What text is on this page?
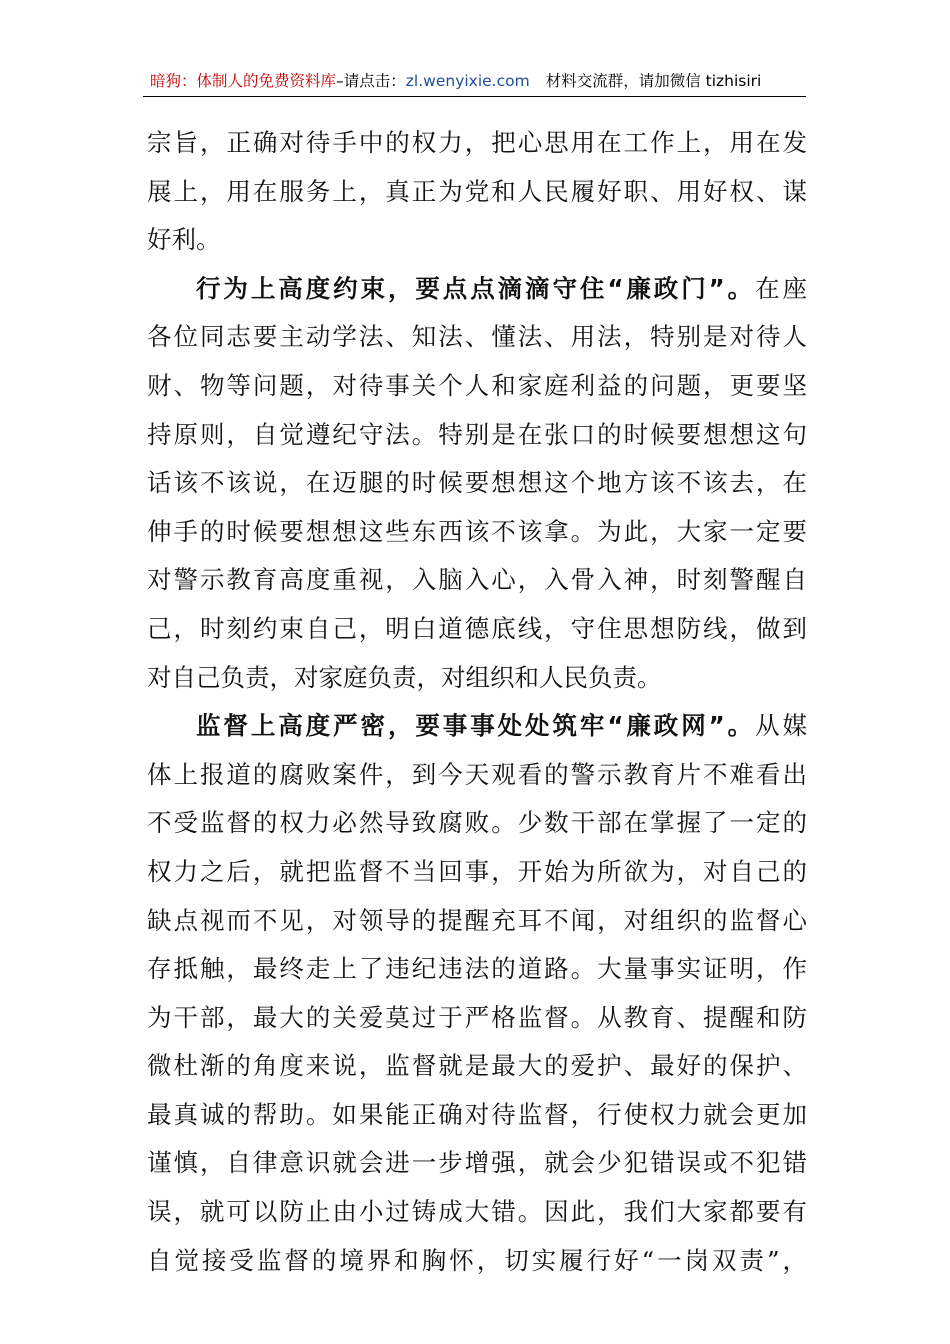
暗狗：体制人的免费资料库–请点击：zl.wenyixie.com 材料交流群，请加微信 tizhisiri
宗旨，正确对待手中的权力，把心思用在工作上，用在发
展上，用在服务上，真正为党和人民履好职、用好权、谋
好利。
行为上高度约束，要点点滴滴守住“廉政门”。在座
各位同志要主动学法、知法、懂法、用法，特别是对待人
财、物等问题，对待事关个人和家庭利益的问题，更要坚
持原则，自觉遵纪守法。特别是在张口的时候要想想这句
话该不该说，在迈腿的时候要想想这个地方该不该去，在
伸手的时候要想想这些东西该不该拿。为此，大家一定要
对警示教育高度重视，入脑入心，入骨入神，时刻警醒自
己，时刻约束自己，明白道德底线，守住思想防线，做到
对自己负责，对家庭负责，对组织和人民负责。
监督上高度严密，要事事处处筑牢“廉政网”。从媒
体上报道的腐败案件，到今天观看的警示教育片不难看出
不受监督的权力必然导致腐败。少数干部在掌握了一定的
权力之后，就把监督不当回事，开始为所欲为，对自己的
缺点视而不见，对领导的提醒充耳不闻，对组织的监督心
存抵触，最终走上了违纪违法的道路。大量事实证明，作
为干部，最大的关爱莫过于严格监督。从教育、提醒和防
微杜渐的角度来说，监督就是最大的爱护、最好的保护、
最真诚的帮助。如果能正确对待监督，行使权力就会更加
谨慎，自律意识就会进一步增强，就会少犯错误或不犯错
误，就可以防止由小过铸成大错。因此，我们大家都要有
自觉接受监督的境界和胸怀，切实履行好“一岗双责”，
